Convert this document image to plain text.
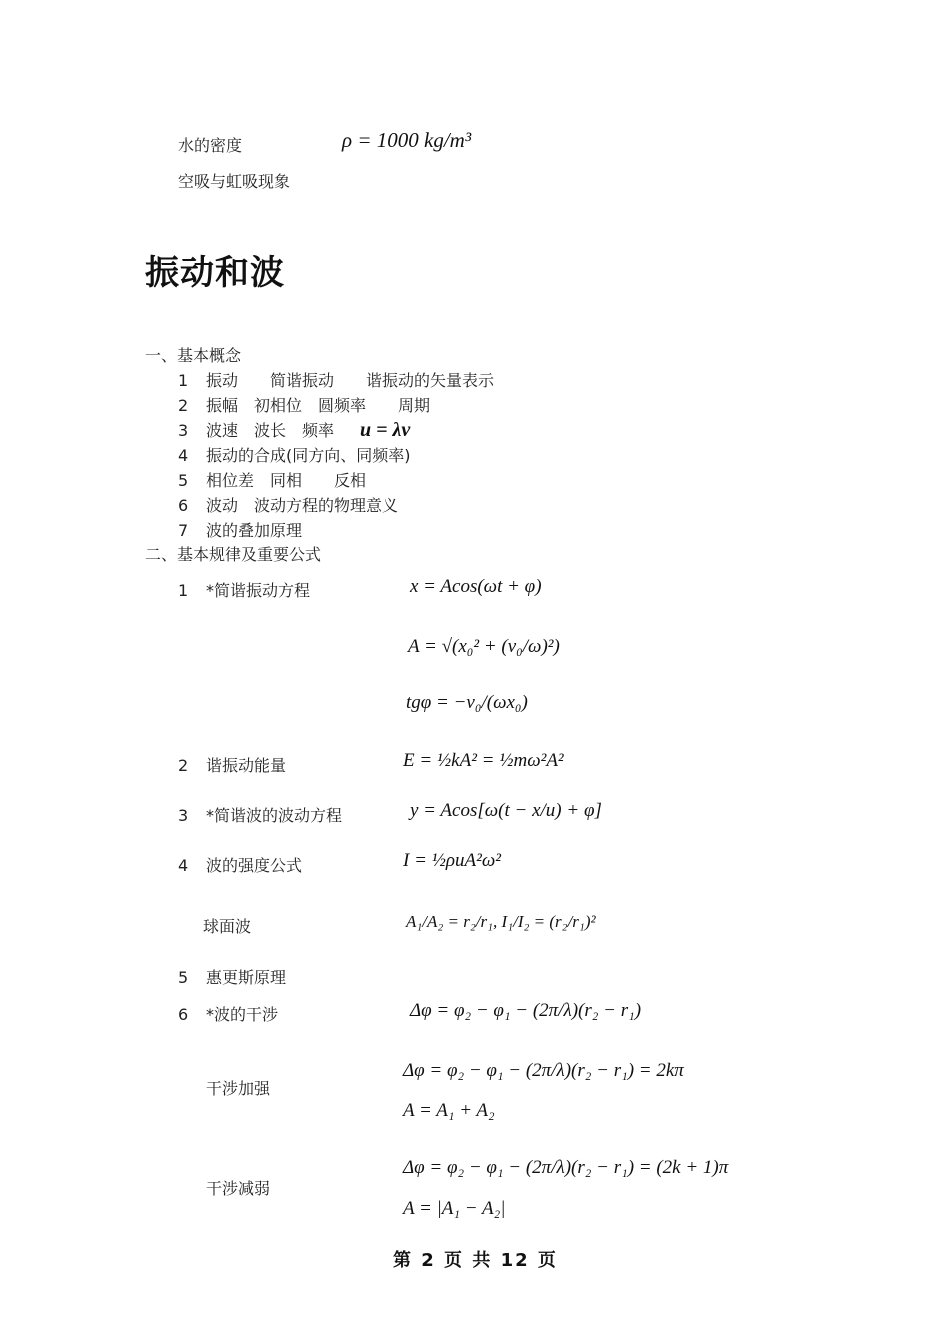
水的密度	ρ = 1000 kg/m³
空吸与虹吸现象
振动和波
一、基本概念
1 振动　　简谐振动　　谐振动的矢量表示
2 振幅　初相位　圆频率　　周期
3 波速　波长　频率 u = λv
4 振动的合成(同方向、同频率)
5 相位差　同相　　反相
6 波动　波动方程的物理意义
7 波的叠加原理
二、基本规律及重要公式
1 *简谐振动方程
2 谐振动能量
3 *简谐波的波动方程
4 波的强度公式
球面波
5 惠更斯原理
6 *波的干涉
干涉加强
干涉减弱
x = Acos(ωt + φ)
A = √(x₀² + (v₀/ω)²)
tgφ = −v₀/(ωx₀)
E = ½kA² = ½mω²A²
y = Acos[ω(t − x/u) + φ]
I = ½ρuA²ω²
A₁/A₂ = r₂/r₁, I₁/I₂ = (r₂/r₁)²
Δφ = φ₂ − φ₁ − (2π/λ)(r₂ − r₁)
Δφ = φ₂ − φ₁ − (2π/λ)(r₂ − r₁) = 2kπ
A = A₁ + A₂
Δφ = φ₂ − φ₁ − (2π/λ)(r₂ − r₁) = (2k + 1)π
A = |A₁ − A₂|
第 2 页 共 12 页
